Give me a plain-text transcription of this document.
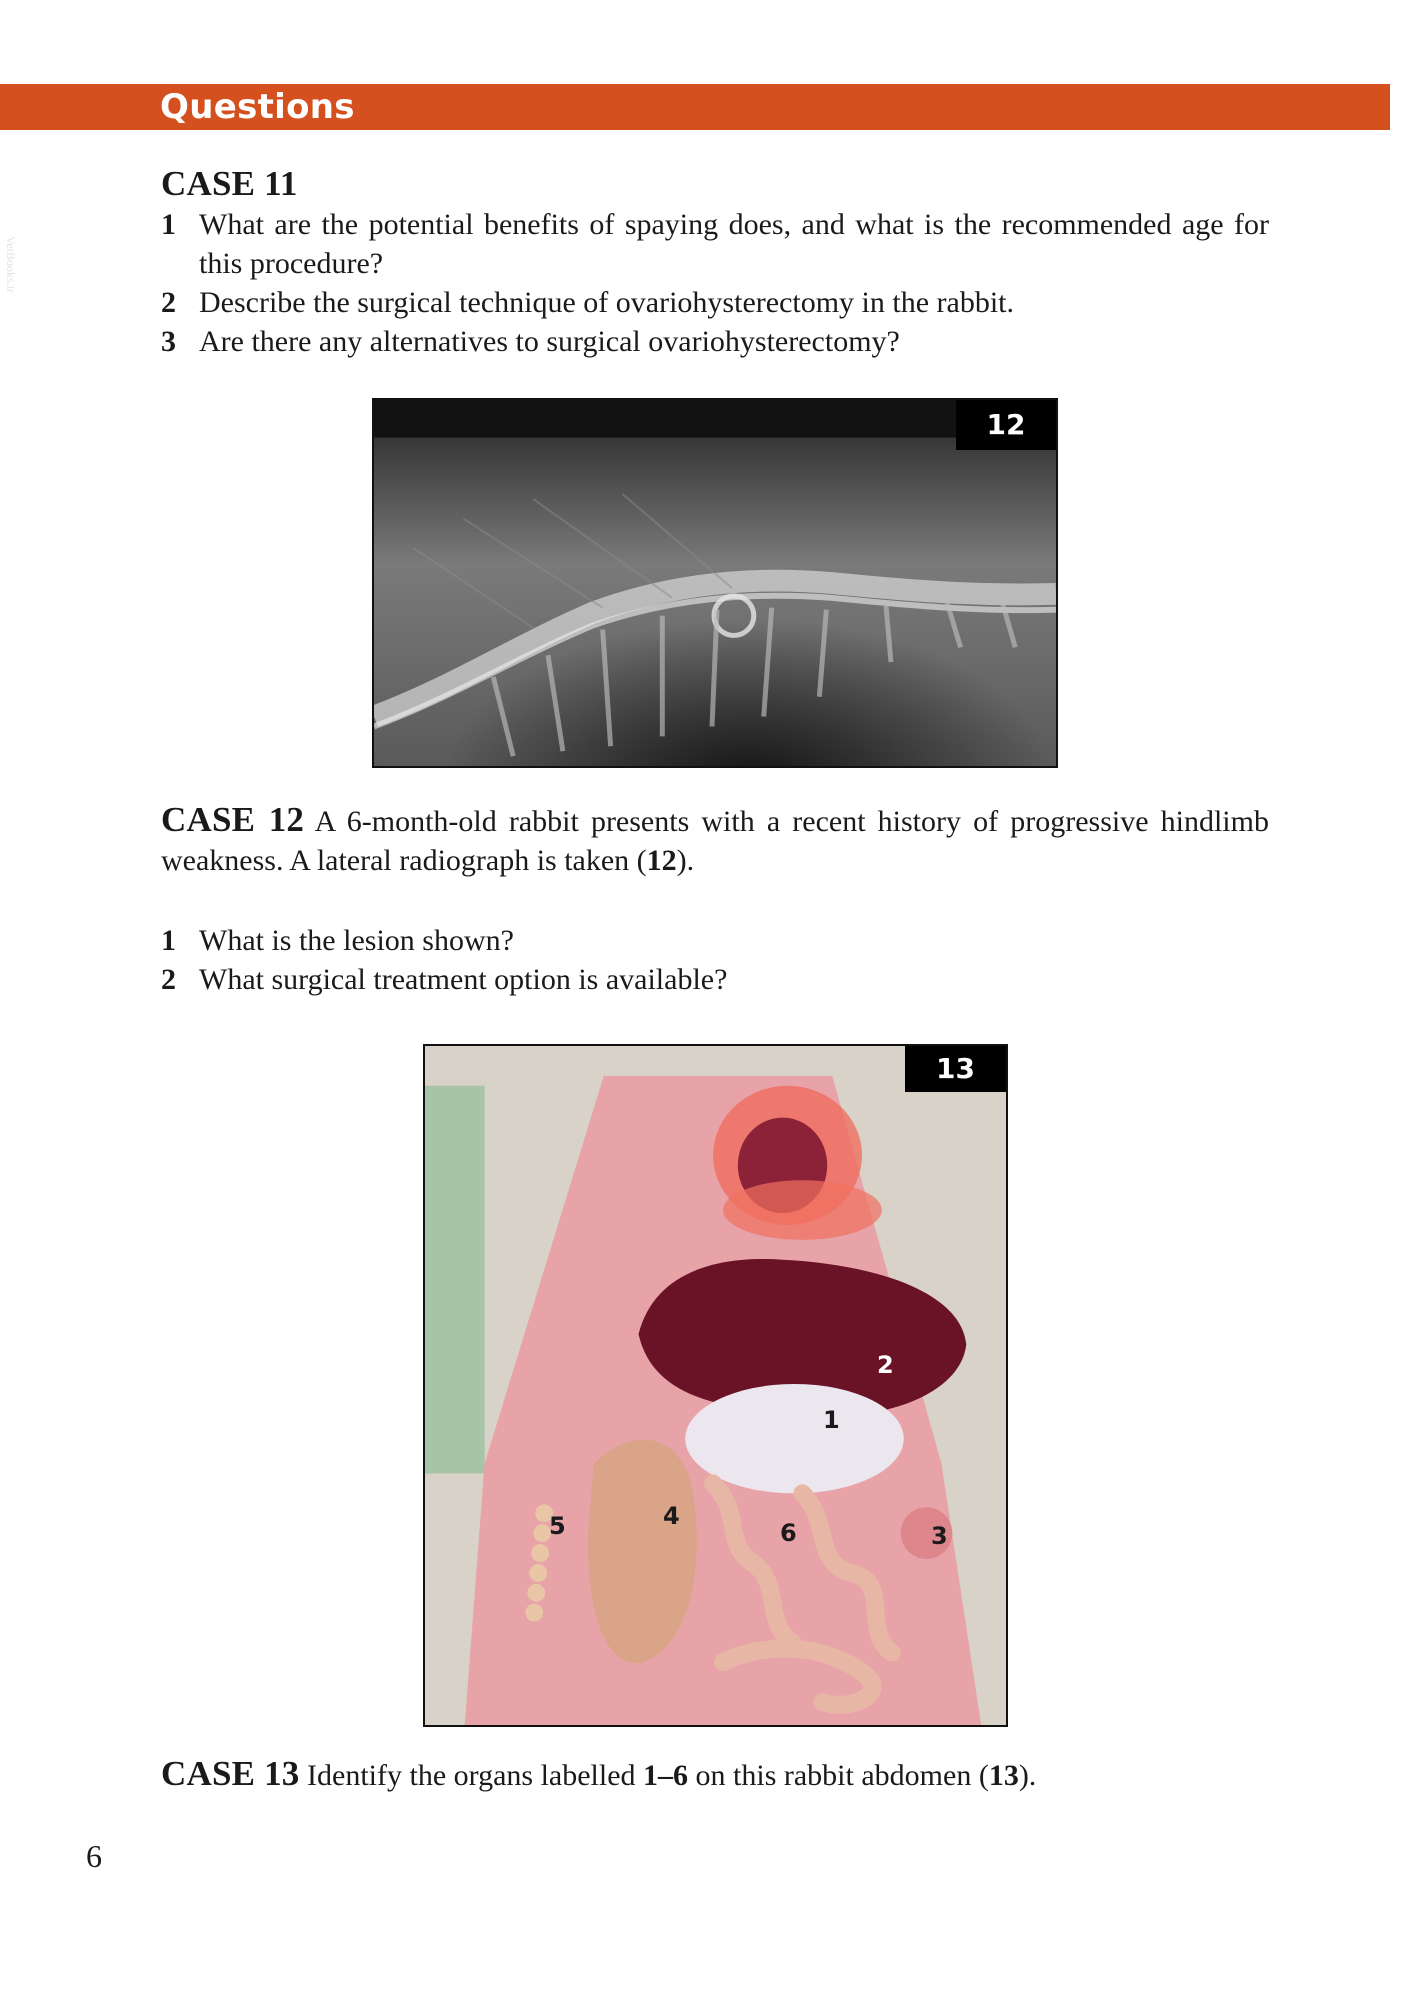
Questions
VetBooks.ir
CASE 11
1 What are the potential benefits of spaying does, and what is the recommended age for this procedure?
2 Describe the surgical technique of ovariohysterectomy in the rabbit.
3 Are there any alternatives to surgical ovariohysterectomy?
12
CASE 12 A 6-month-old rabbit presents with a recent history of progressive hindlimb weakness. A lateral radiograph is taken (12).
1 What is the lesion shown?
2 What surgical treatment option is available?
13
1
2
3
4
5	6
CASE 13 Identify the organs labelled 1–6 on this rabbit abdomen (13).
6
